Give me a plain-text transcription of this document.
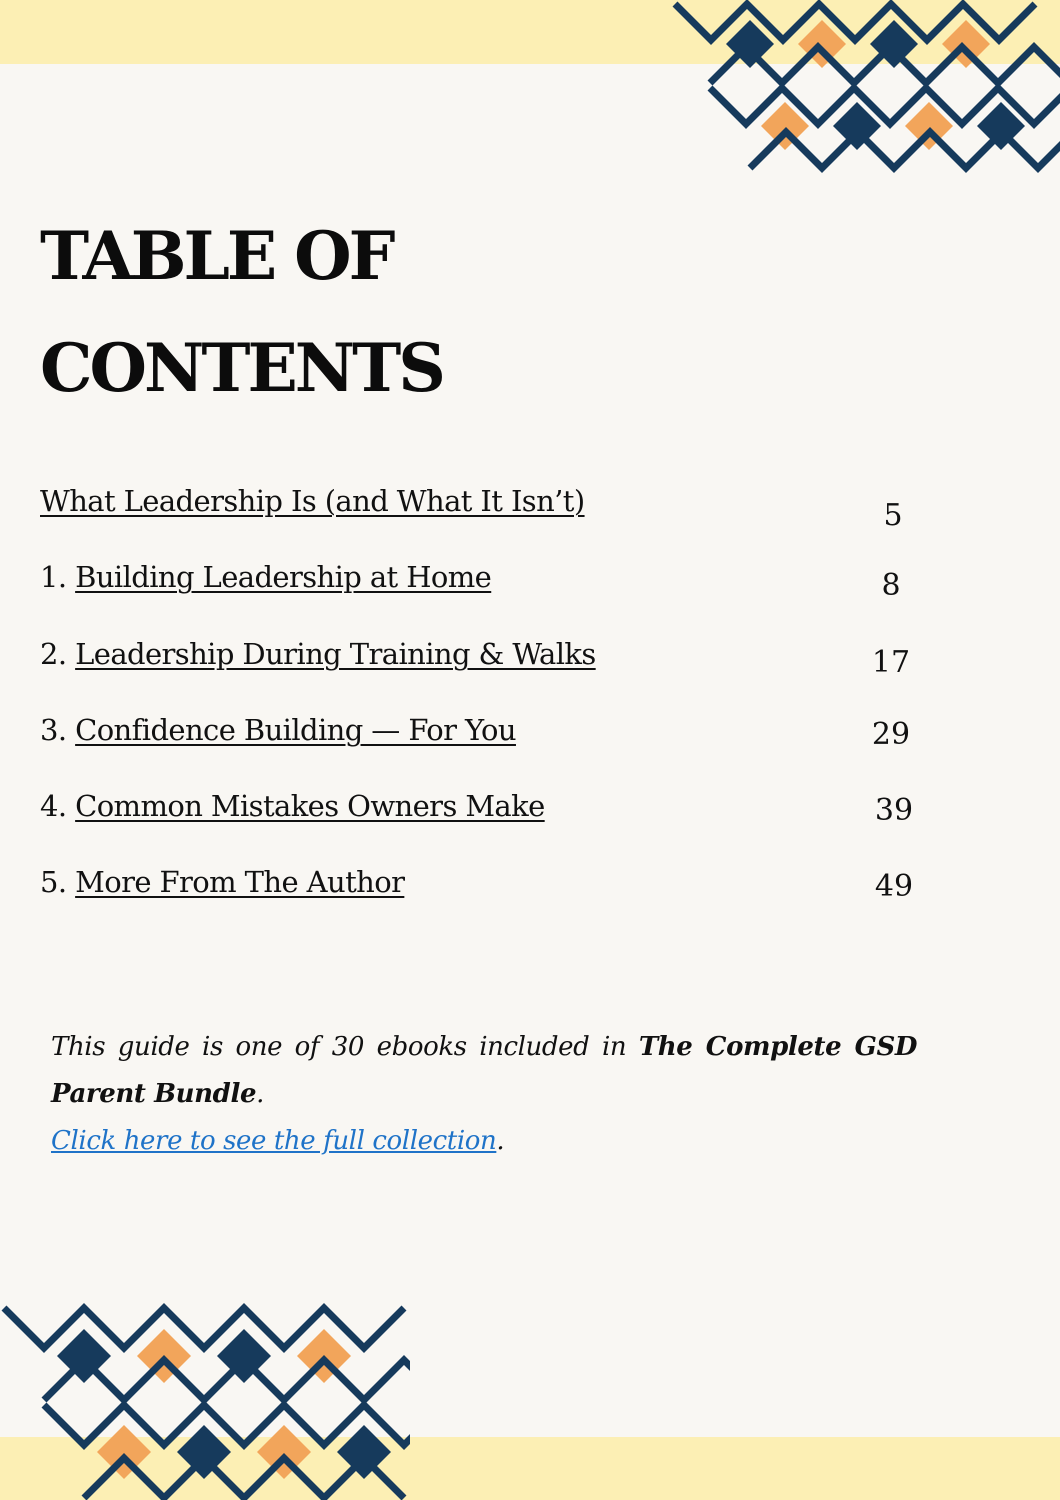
TABLE OF
CONTENTS
What Leadership Is (and What It Isn’t)	5
1. Building Leadership at Home	8
2. Leadership During Training & Walks	17
3. Confidence Building — For You	29
4. Common Mistakes Owners Make	39
5. More From The Author	49
This guide is one of 30 ebooks included in The Complete GSD
Parent Bundle.
Click here to see the full collection.
